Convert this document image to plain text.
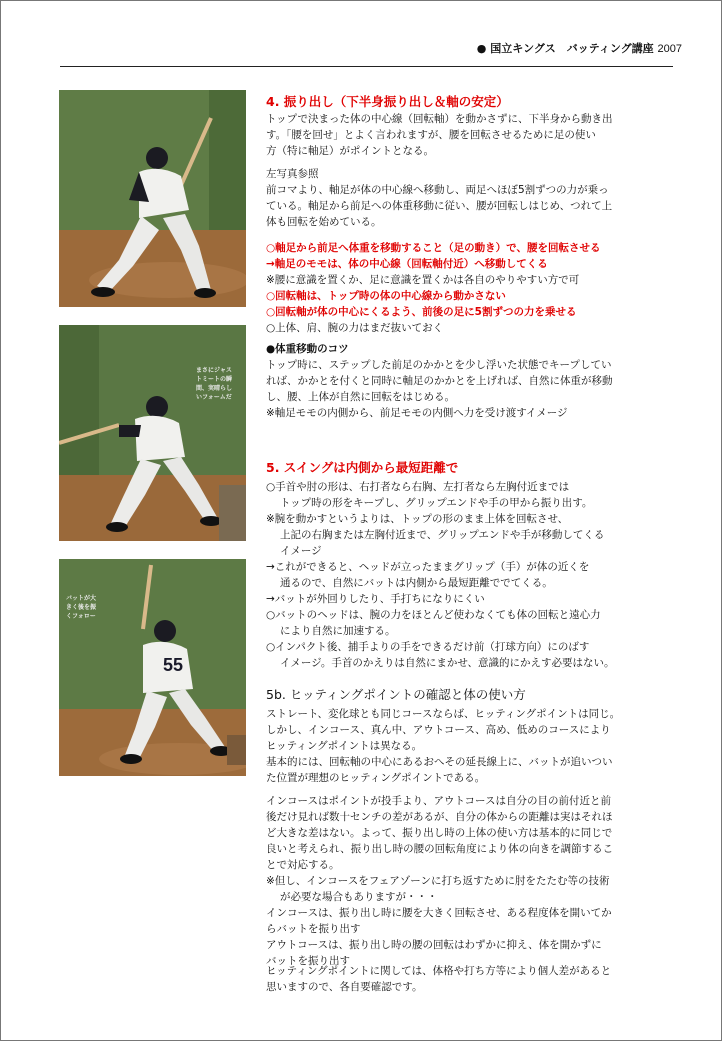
● 国立キングス　バッティング講座 2007
まさにジャス
トミートの瞬
間、実晴らし
いフォームだ
55
バットが大
きく後を振
くフォロー
4. 振り出し（下半身振り出し＆軸の安定）
トップで決まった体の中心線（回転軸）を動かさずに、下半身から動き出
す。「腰を回せ」とよく言われますが、腰を回転させるために足の使い
方（特に軸足）がポイントとなる。
左写真参照
前コマより、軸足が体の中心線へ移動し、両足へほぼ5割ずつの力が乗っ
ている。軸足から前足への体重移動に従い、腰が回転しはじめ、つれて上
体も回転を始めている。
○軸足から前足へ体重を移動すること（足の動き）で、腰を回転させる
→軸足のモモは、体の中心線（回転軸付近）へ移動してくる
※腰に意識を置くか、足に意識を置くかは各自のやりやすい方で可
○回転軸は、トップ時の体の中心線から動かさない
○回転軸が体の中心にくるよう、前後の足に5割ずつの力を乗せる
○上体、肩、腕の力はまだ抜いておく
●体重移動のコツ
トップ時に、ステップした前足のかかとを少し浮いた状態でキープしてい
れば、かかとを付くと同時に軸足のかかとを上げれば、自然に体重が移動
し、腰、上体が自然に回転をはじめる。
※軸足モモの内側から、前足モモの内側へ力を受け渡すイメージ
5. スイングは内側から最短距離で
○手首や肘の形は、右打者なら右胸、左打者なら左胸付近までは
トップ時の形をキープし、グリップエンドや手の甲から振り出す。
※腕を動かすというよりは、トップの形のまま上体を回転させ、
上記の右胸または左胸付近まで、グリップエンドや手が移動してくる
イメージ
→これができると、ヘッドが立ったままグリップ（手）が体の近くを
通るので、自然にバットは内側から最短距離ででてくる。
→バットが外回りしたり、手打ちになりにくい
○バットのヘッドは、腕の力をほとんど使わなくても体の回転と遠心力
により自然に加速する。
○インパクト後、捕手よりの手をできるだけ前（打球方向）にのばす
イメージ。手首のかえりは自然にまかせ、意識的にかえす必要はない。
5b. ヒッティングポイントの確認と体の使い方
ストレート、変化球とも同じコースならば、ヒッティングポイントは同じ。
しかし、インコース、真ん中、アウトコース、高め、低めのコースにより
ヒッティングポイントは異なる。
基本的には、回転軸の中心にあるおへその延長線上に、バットが追いつい
た位置が理想のヒッティングポイントである。
インコースはポイントが投手より、アウトコースは自分の目の前付近と前
後だけ見れば数十センチの差があるが、自分の体からの距離は実はそれほ
ど大きな差はない。よって、振り出し時の上体の使い方は基本的に同じで
良いと考えられ、振り出し時の腰の回転角度により体の向きを調節するこ
とで対応する。
※但し、インコースをフェアゾーンに打ち返すために肘をたたむ等の技術
が必要な場合もありますが・・・
インコースは、振り出し時に腰を大きく回転させ、ある程度体を開いてか
らバットを振り出す
アウトコースは、振り出し時の腰の回転はわずかに抑え、体を開かずに
バットを振り出す
ヒッティングポイントに関しては、体格や打ち方等により個人差があると
思いますので、各自要確認です。
